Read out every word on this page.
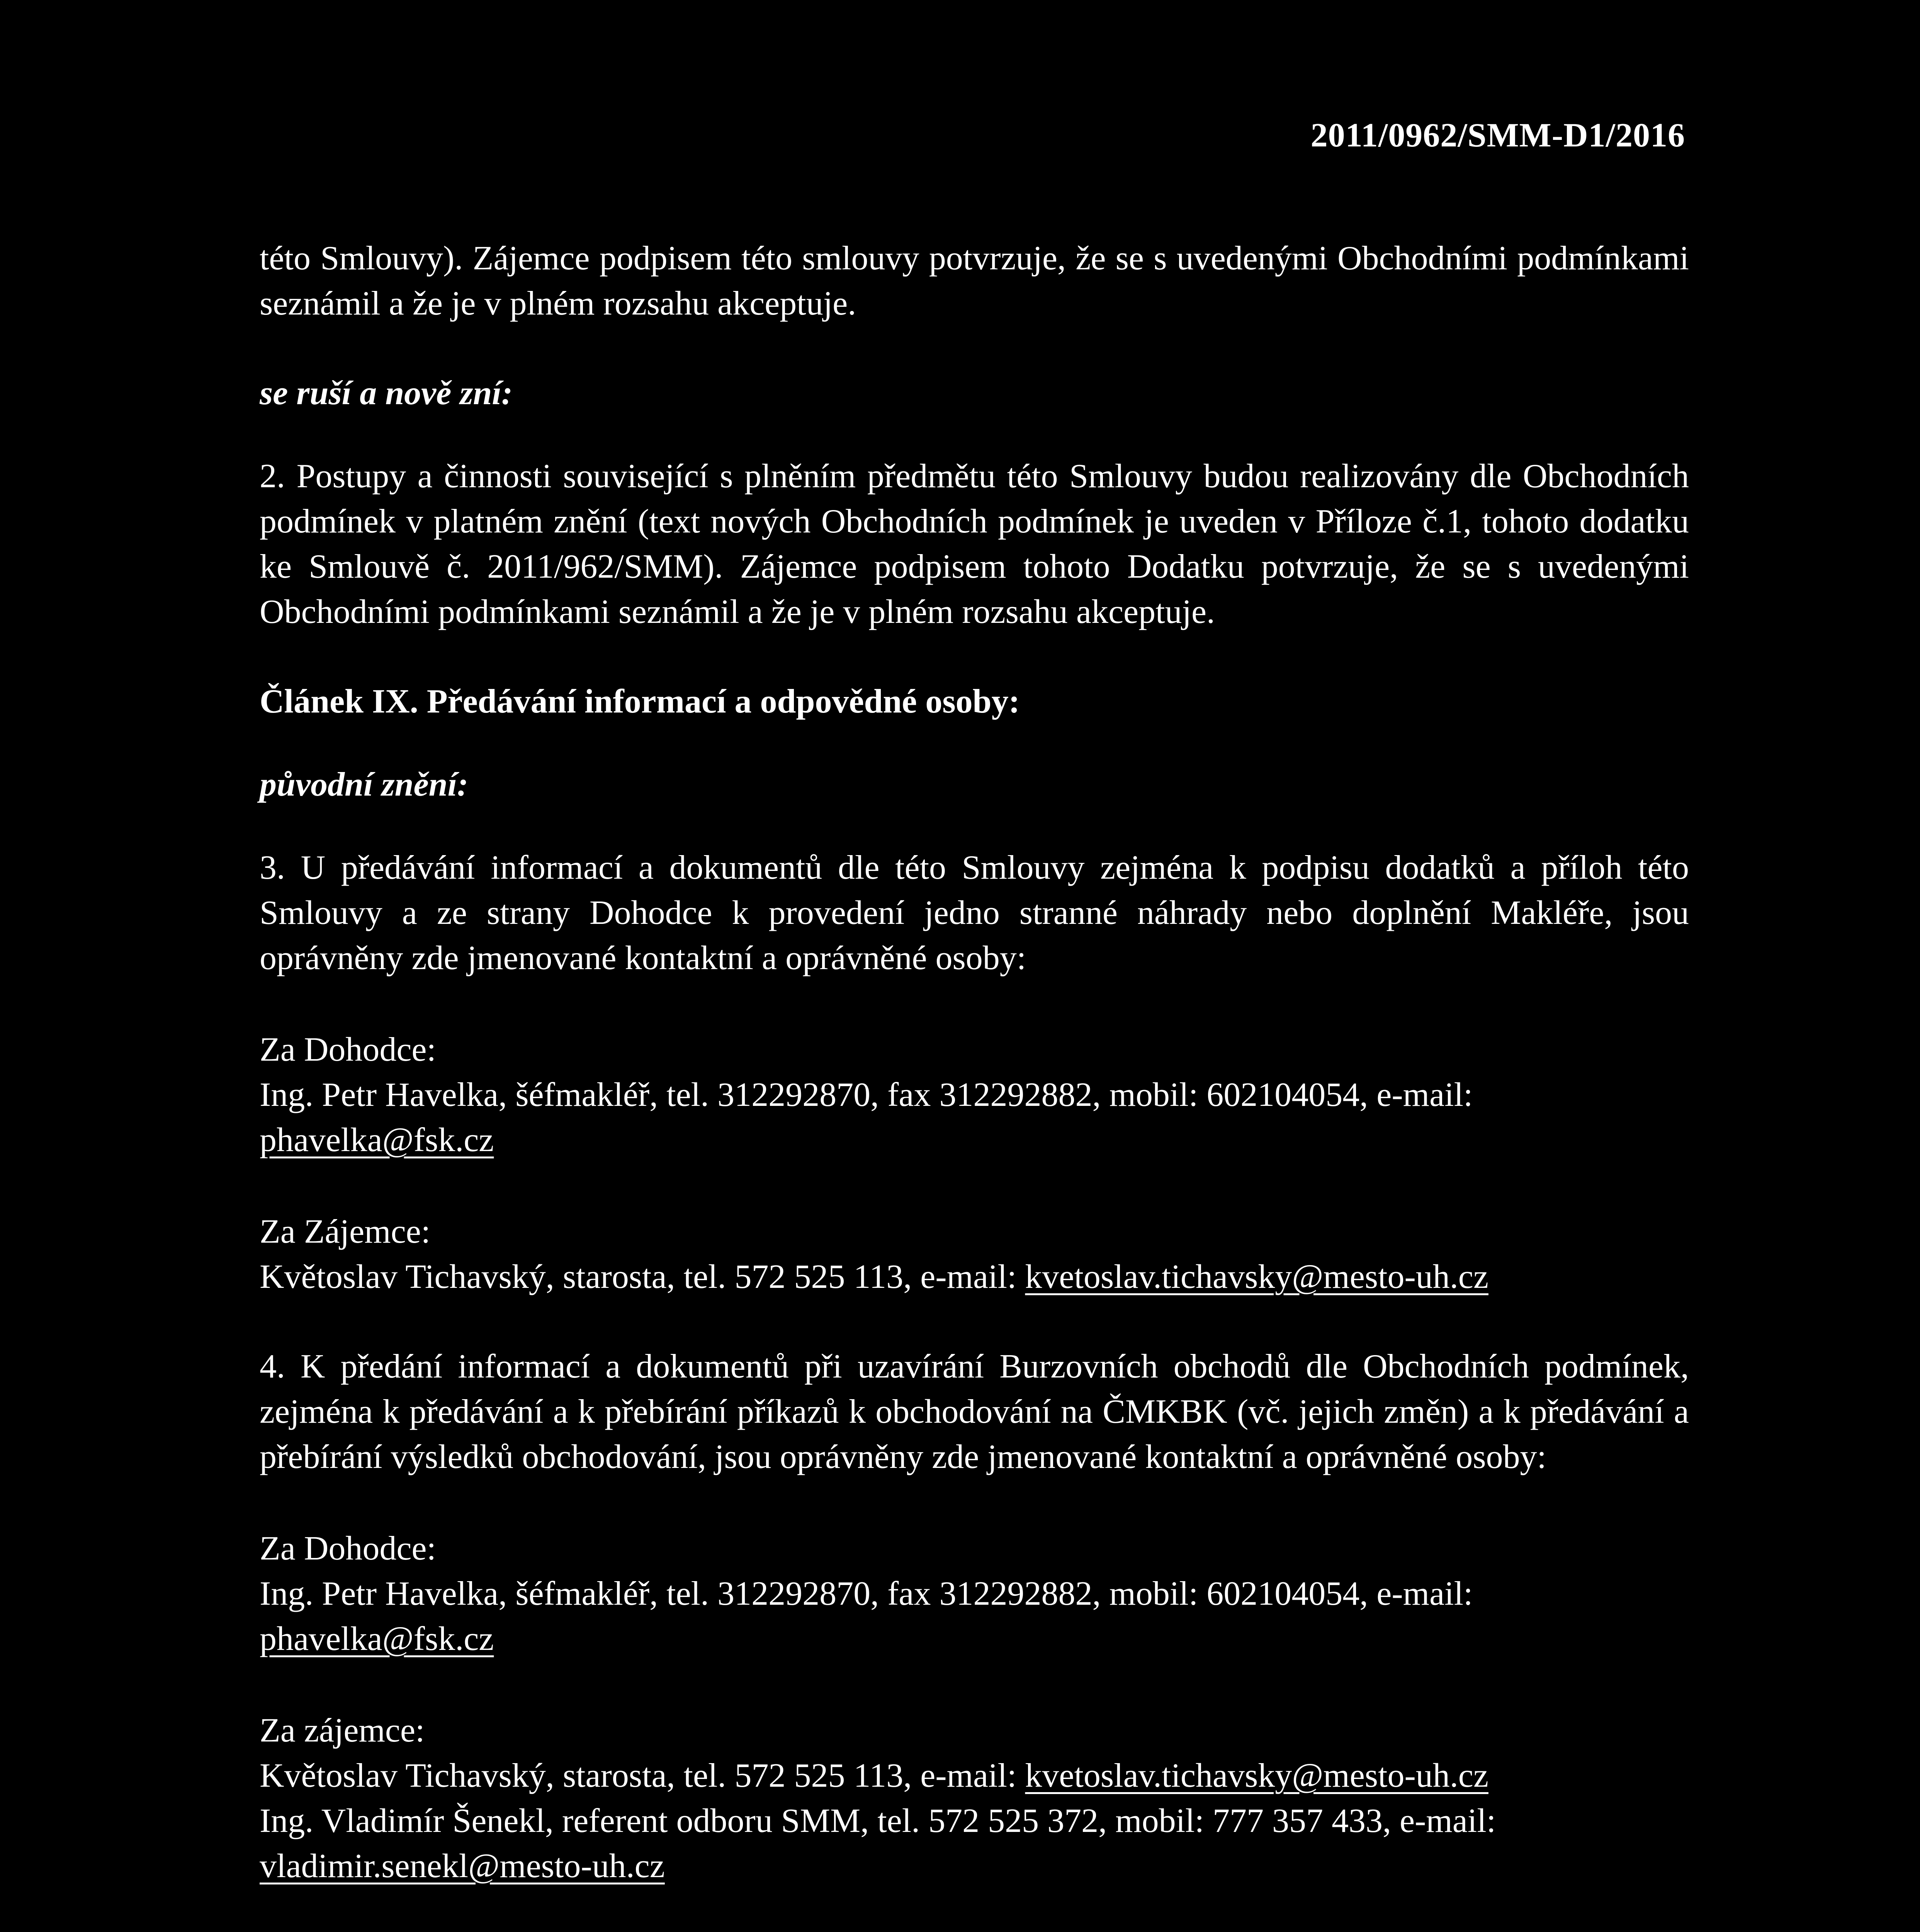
2011/0962/SMM-D1/2016

této Smlouvy). Zájemce podpisem této smlouvy potvrzuje, že se s uvedenými Obchodními podmínkami seznámil a že je v plném rozsahu akceptuje.

se ruší a nově zní:

2. Postupy a činnosti související s plněním předmětu této Smlouvy budou realizovány dle Obchodních podmínek v platném znění (text nových Obchodních podmínek je uveden v Příloze č.1, tohoto dodatku ke Smlouvě č. 2011/962/SMM). Zájemce podpisem tohoto Dodatku potvrzuje, že se s uvedenými Obchodními podmínkami seznámil a že je v plném rozsahu akceptuje.

Článek IX. Předávání informací a odpovědné osoby:

původní znění:

3. U předávání informací a dokumentů dle této Smlouvy zejména k podpisu dodatků a příloh této Smlouvy a ze strany Dohodce k provedení jedno stranné náhrady nebo doplnění Makléře, jsou oprávněny zde jmenované kontaktní a oprávněné osoby:

Za Dohodce:

Ing. Petr Havelka, šéfmakléř, tel. 312292870, fax 312292882, mobil: 602104054, e-mail:

phavelka@fsk.cz

Za Zájemce:

Květoslav Tichavský, starosta, tel. 572 525 113, e-mail: kvetoslav.tichavsky@mesto-uh.cz

4. K předání informací a dokumentů při uzavírání Burzovních obchodů dle Obchodních podmínek, zejména k předávání a k přebírání příkazů k obchodování na ČMKBK (vč. jejich změn) a k předávání a přebírání výsledků obchodování, jsou oprávněny zde jmenované kontaktní a oprávněné osoby:

Za Dohodce:

Ing. Petr Havelka, šéfmakléř, tel. 312292870, fax 312292882, mobil: 602104054, e-mail:

phavelka@fsk.cz

Za zájemce:

Květoslav Tichavský, starosta, tel. 572 525 113, e-mail: kvetoslav.tichavsky@mesto-uh.cz

Ing. Vladimír Šenekl, referent odboru SMM, tel. 572 525 372, mobil: 777 357 433, e-mail:

vladimir.senekl@mesto-uh.cz
